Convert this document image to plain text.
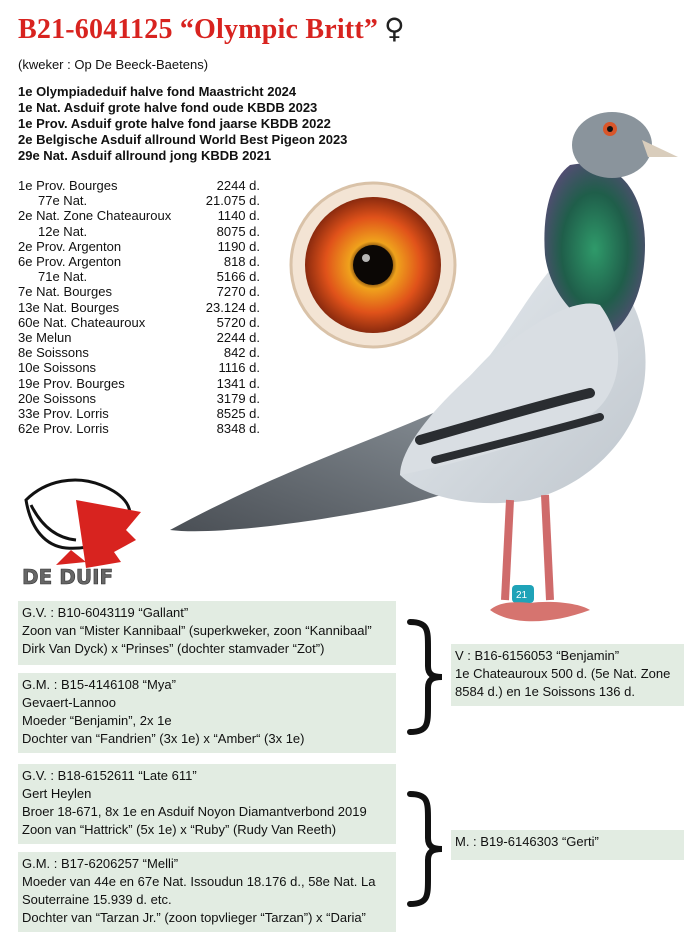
B21-6041125 “Olympic Britt” ♀
(kweker : Op De Beeck-Baetens)
1e Olympiadeduif halve fond Maastricht 2024
1e Nat. Asduif grote halve fond oude KBDB 2023
1e Prov. Asduif grote halve fond jaarse KBDB 2022
2e Belgische Asduif allround World Best Pigeon 2023
29e Nat. Asduif allround jong KBDB 2021
1e Prov. Bourges	2244 d.
77e Nat.	21.075 d.
2e Nat. Zone Chateauroux	1140 d.
12e Nat.	8075 d.
2e Prov. Argenton	1190 d.
6e Prov. Argenton	818 d.
71e Nat.	5166 d.
7e Nat. Bourges	7270 d.
13e Nat. Bourges	23.124 d.
60e Nat. Chateauroux	5720 d.
3e Melun	2244 d.
8e Soissons	842 d.
10e Soissons	1116 d.
19e Prov. Bourges	1341 d.
20e Soissons	3179 d.
33e Prov. Lorris	8525 d.
62e Prov. Lorris	8348 d.
21
DE DUIF
G.V. : B10-6043119 “Gallant”
Zoon van “Mister Kannibaal” (superkweker, zoon “Kannibaal”
Dirk Van Dyck) x “Prinses” (dochter stamvader “Zot”)
G.M. : B15-4146108 “Mya”
Gevaert-Lannoo
Moeder “Benjamin”, 2x 1e
Dochter van “Fandrien” (3x 1e) x “Amber“ (3x 1e)
V : B16-6156053 “Benjamin”
1e Chateauroux 500 d. (5e Nat. Zone
8584 d.) en 1e Soissons 136 d.
G.V. : B18-6152611 “Late 611”
Gert Heylen
Broer 18-671, 8x 1e en Asduif Noyon Diamantverbond 2019
Zoon van “Hattrick” (5x 1e) x “Ruby” (Rudy Van Reeth)
G.M. : B17-6206257 “Melli”
Moeder van 44e en 67e Nat. Issoudun 18.176 d., 58e Nat. La
Souterraine 15.939 d. etc.
Dochter van “Tarzan Jr.” (zoon topvlieger “Tarzan”) x “Daria”
M. : B19-6146303 “Gerti”
